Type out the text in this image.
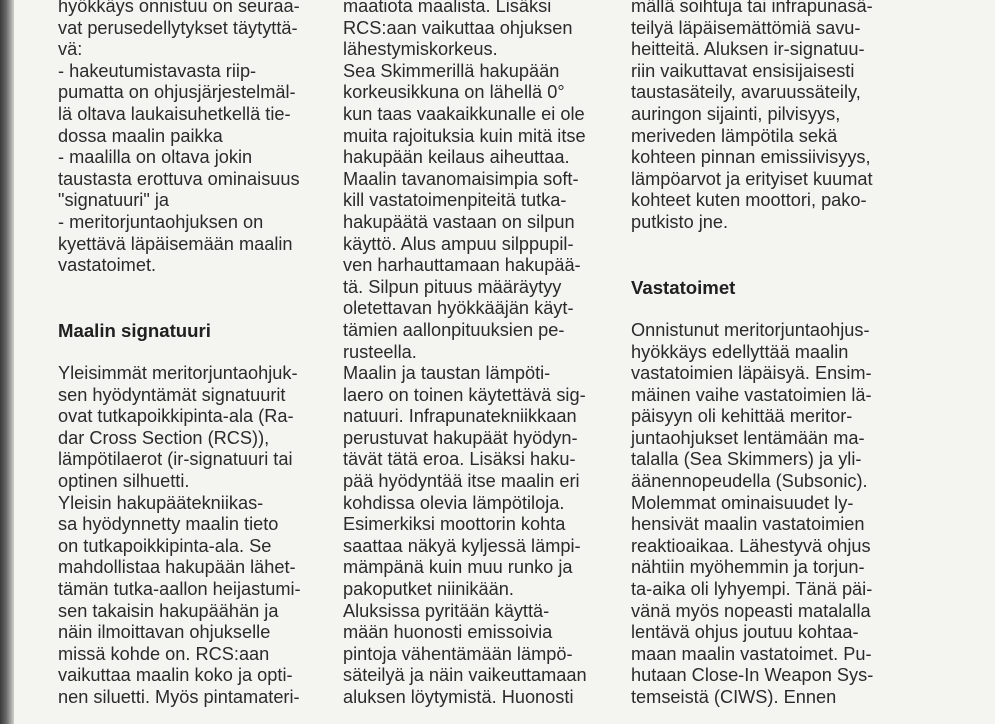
hyökkäys onnistuu on seuraa-
vat perusedellytykset täytyttä-
vä:
- hakeutumistavasta riip-
pumatta on ohjusjärjestelmäl-
lä oltava laukaisuhetkellä tie-
dossa maalin paikka
- maalilla on oltava jokin
taustasta erottuva ominaisuus
"signatuuri" ja
- meritorjuntaohjuksen on
kyettävä läpäisemään maalin
vastatoimet.
Maalin signatuuri
Yleisimmät meritorjuntaohjuk-
sen hyödyntämät signatuurit
ovat tutkapoikkipinta-ala (Ra-
dar Cross Section (RCS)),
lämpötilaerot (ir-signatuuri tai
optinen silhuetti.
Yleisin hakupäätekniikas-
sa hyödynnetty maalin tieto
on tutkapoikkipinta-ala. Se
mahdollistaa hakupään lähet-
tämän tutka-aallon heijastumi-
sen takaisin hakupäähän ja
näin ilmoittavan ohjukselle
missä kohde on. RCS:aan
vaikuttaa maalin koko ja opti-
nen siluetti. Myös pintamateri-
maatiota maalista. Lisäksi
RCS:aan vaikuttaa ohjuksen
lähestymiskorkeus.
Sea Skimmerillä hakupään
korkeusikkuna on lähellä 0°
kun taas vaakaikkunalle ei ole
muita rajoituksia kuin mitä itse
hakupään keilaus aiheuttaa.
Maalin tavanomaisimpia soft-
kill vastatoimenpiteitä tutka-
hakupäätä vastaan on silpun
käyttö. Alus ampuu silppupil-
ven harhauttamaan hakupää-
tä. Silpun pituus määräytyy
oletettavan hyökkääjän käyt-
tämien aallonpituuksien pe-
rusteella.
Maalin ja taustan lämpöti-
laero on toinen käytettävä sig-
natuuri. Infrapunatekniikkaan
perustuvat hakupäät hyödyn-
tävät tätä eroa. Lisäksi haku-
pää hyödyntää itse maalin eri
kohdissa olevia lämpötiloja.
Esimerkiksi moottorin kohta
saattaa näkyä kyljessä lämpi-
mämpänä kuin muu runko ja
pakoputket niinikään.
Aluksissa pyritään käyttä-
mään huonosti emissoivia
pintoja vähentämään lämpö-
säteilyä ja näin vaikeuttamaan
aluksen löytymistä. Huonosti
mällä soihtuja tai infrapunasä-
teilyä läpäisemättömiä savu-
heitteitä. Aluksen ir-signatuu-
riin vaikuttavat ensisijaisesti
taustasäteily, avaruussäteily,
auringon sijainti, pilvisyys,
meriveden lämpötila sekä
kohteen pinnan emissiivisyys,
lämpöarvot ja erityiset kuumat
kohteet kuten moottori, pako-
putkisto jne.
Vastatoimet
Onnistunut meritorjuntaohjus-
hyökkäys edellyttää maalin
vastatoimien läpäisyä. Ensim-
mäinen vaihe vastatoimien lä-
päisyyn oli kehittää meritor-
juntaohjukset lentämään ma-
talalla (Sea Skimmers) ja yli-
äänennopeudella (Subsonic).
Molemmat ominaisuudet ly-
hensivät maalin vastatoimien
reaktioaikaa. Lähestyvä ohjus
nähtiin myöhemmin ja torjun-
ta-aika oli lyhyempi. Tänä päi-
vänä myös nopeasti matalalla
lentävä ohjus joutuu kohtaa-
maan maalin vastatoimet. Pu-
hutaan Close-In Weapon Sys-
temseistä (CIWS). Ennen
